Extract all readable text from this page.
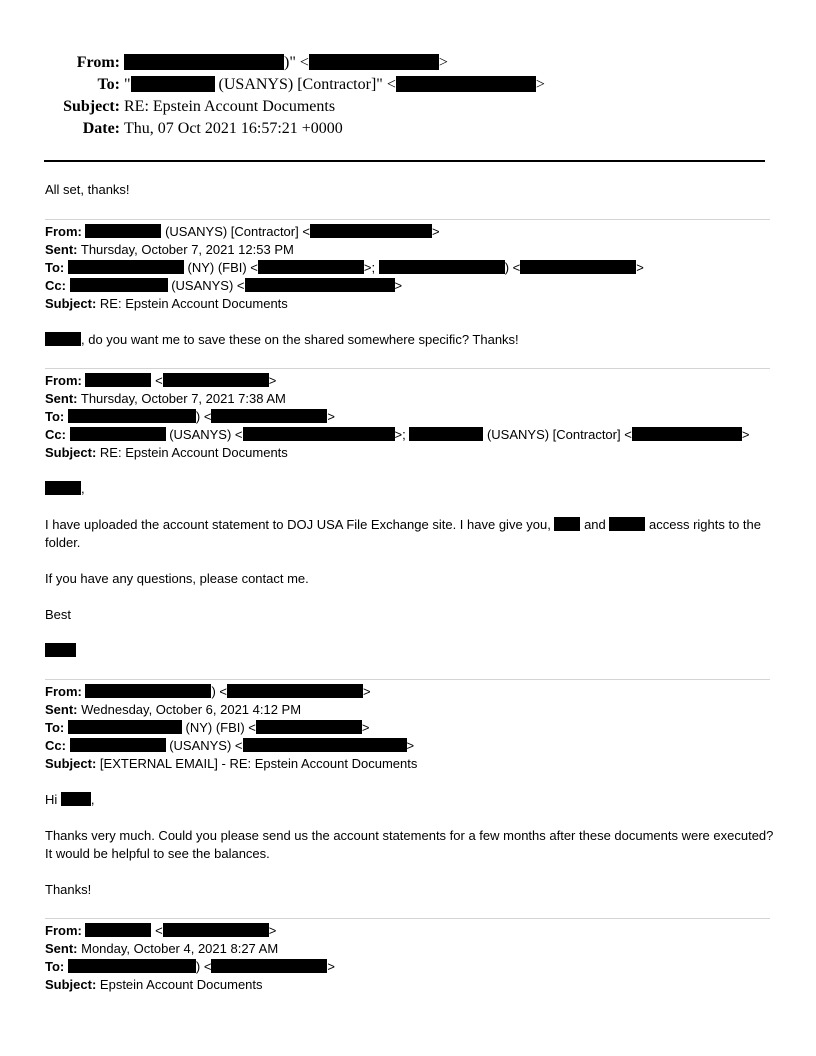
From:	)" <	>
To: "	(USANYS) [Contractor]" <	>
Subject: RE: Epstein Account Documents
Date: Thu, 07 Oct 2021 16:57:21 +0000
All set, thanks!
From:	(USANYS) [Contractor] <	>
Sent: Thursday, October 7, 2021 12:53 PM
To:	(NY) (FBI) <	>;	) <	>
Cc:	(USANYS) <	>
Subject: RE: Epstein Account Documents
, do you want me to save these on the shared somewhere specific? Thanks!
From:	<	>
Sent: Thursday, October 7, 2021 7:38 AM
To:	) <	>
Cc:	(USANYS) <	>;	(USANYS) [Contractor] <	>
Subject: RE: Epstein Account Documents
,
I have uploaded the account statement to DOJ USA File Exchange site. I have give you,  and	access rights to the folder.
If you have any questions, please contact me.
Best
From:	) <	>
Sent: Wednesday, October 6, 2021 4:12 PM
To:	(NY) (FBI) <	>
Cc:	(USANYS) <	>
Subject: [EXTERNAL EMAIL] - RE: Epstein Account Documents
Hi ,
Thanks very much. Could you please send us the account statements for a few months after these documents were executed? It would be helpful to see the balances.
Thanks!
From:	<	>
Sent: Monday, October 4, 2021 8:27 AM
To:	) <	>
Subject: Epstein Account Documents
